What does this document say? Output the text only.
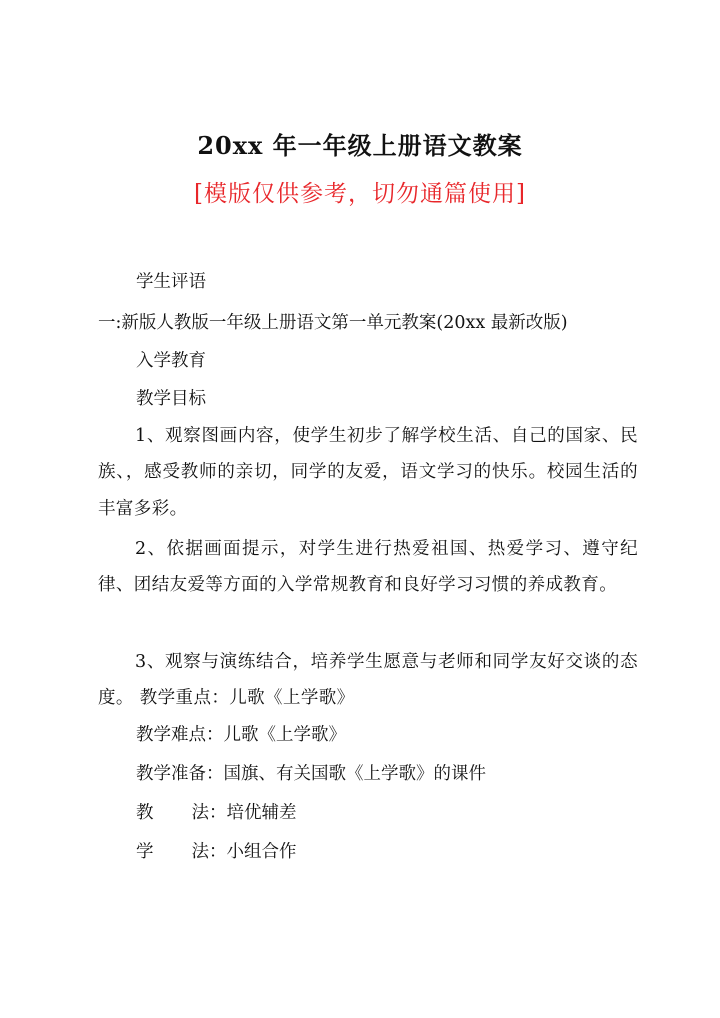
20xx 年一年级上册语文教案
[模版仅供参考，切勿通篇使用]
学生评语
一:新版人教版一年级上册语文第一单元教案(20xx 最新改版)
入学教育
教学目标
1、观察图画内容，使学生初步了解学校生活、自己的国家、民族、，感受教师的亲切，同学的友爱，语文学习的快乐。校园生活的丰富多彩。
2、依据画面提示，对学生进行热爱祖国、热爱学习、遵守纪律、团结友爱等方面的入学常规教育和良好学习习惯的养成教育。
3、观察与演练结合，培养学生愿意与老师和同学友好交谈的态度。 教学重点：儿歌《上学歌》
教学难点：儿歌《上学歌》
教学准备：国旗、有关国歌《上学歌》的课件
教 法：培优辅差
学 法：小组合作
